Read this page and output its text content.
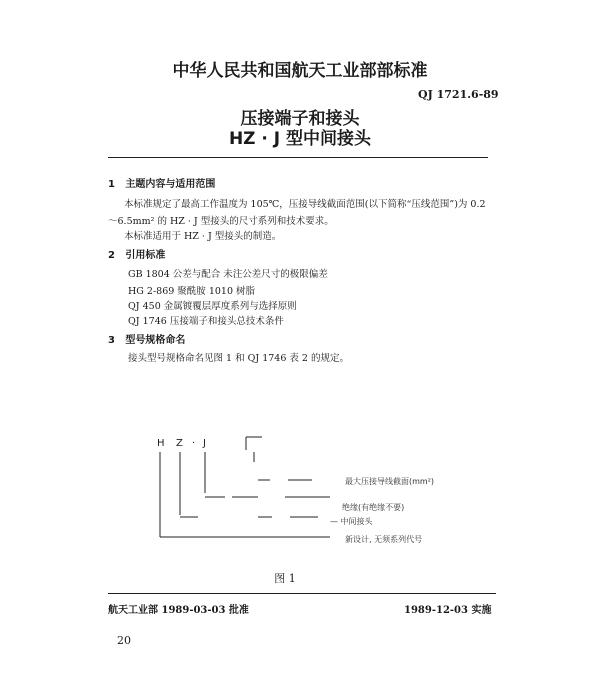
中华人民共和国航天工业部部标准
QJ 1721.6-89
压接端子和接头
HZ · J 型中间接头
1 主题内容与适用范围
本标准规定了最高工作温度为 105℃，压接导线截面范围(以下简称“压线范围”)为 0.2
～6.5mm² 的 HZ · J 型接头的尺寸系列和技术要求。
本标准适用于 HZ · J 型接头的制造。
2 引用标准
GB 1804 公差与配合 未注公差尺寸的极限偏差
HG 2-869 聚酰胺 1010 树脂
QJ 450 金属镀覆层厚度系列与选择原则
QJ 1746 压接端子和接头总技术条件
3 型号规格命名
接头型号规格命名见图 1 和 QJ 1746 表 2 的规定。
H Z · J
最大压接导线截面(mm²)
绝缘(有绝缘不要)
— 中间接头
新设计, 无须系列代号
图 1
航天工业部 1989-03-03 批准	1989-12-03 实施
20
